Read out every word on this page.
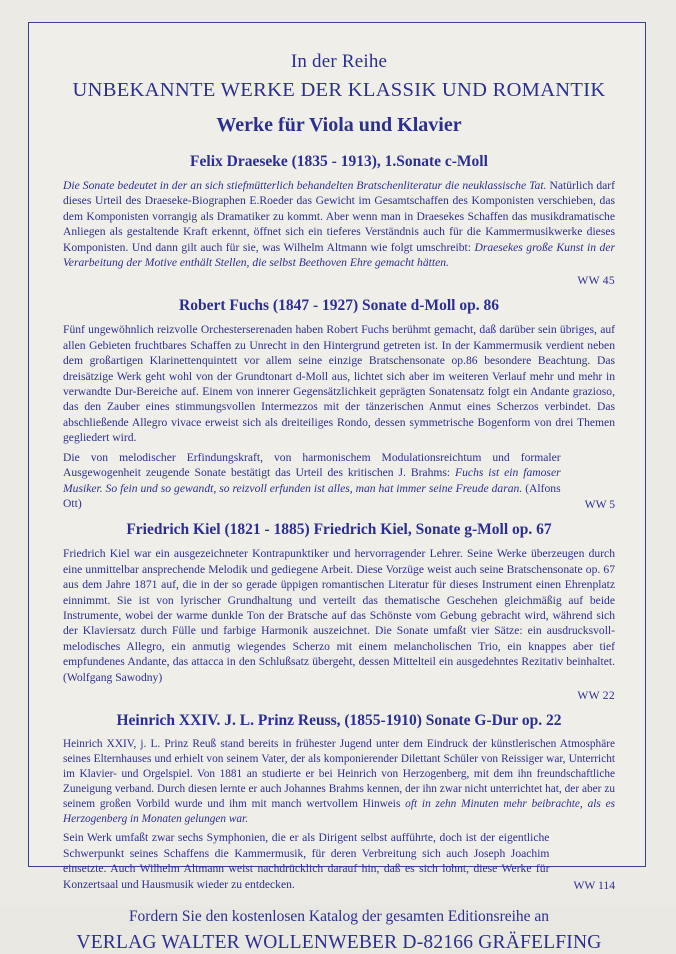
In der Reihe
UNBEKANNTE WERKE DER KLASSIK UND ROMANTIK
Werke für Viola und Klavier
Felix Draeseke (1835 - 1913), 1.Sonate c-Moll

Die Sonate bedeutet in der an sich stiefmütterlich behandelten Bratschenliteratur die neuklassische Tat. Natürlich darf dieses Urteil des Draeseke-Biographen E.Roeder das Gewicht im Gesamtschaffen des Komponisten verschieben, das dem Komponisten vorrangig als Dramatiker zu kommt. Aber wenn man in Draesekes Schaffen das musikdramatische Anliegen als gestaltende Kraft erkennt, öffnet sich ein tieferes Verständnis auch für die Kammermusikwerke dieses Komponisten. Und dann gilt auch für sie, was Wilhelm Altmann wie folgt umschreibt: Draesekes große Kunst in der Verarbeitung der Motive enthält Stellen, die selbst Beethoven Ehre gemacht hätten.

WW 45

Robert Fuchs (1847 - 1927) Sonate d-Moll op. 86

Fünf ungewöhnlich reizvolle Orchesterserenaden haben Robert Fuchs berühmt gemacht, daß darüber sein übriges, auf allen Gebieten fruchtbares Schaffen zu Unrecht in den Hintergrund getreten ist. In der Kammermusik verdient neben dem großartigen Klarinettenquintett vor allem seine einzige Bratschensonate op.86 besondere Beachtung. Das dreisätzige Werk geht wohl von der Grundtonart d-Moll aus, lichtet sich aber im weiteren Verlauf mehr und mehr in verwandte Dur-Bereiche auf. Einem von innerer Gegensätzlichkeit geprägten Sonatensatz folgt ein Andante grazioso, das den Zauber eines stimmungsvollen Intermezzos mit der tänzerischen Anmut eines Scherzos verbindet. Das abschließende Allegro vivace erweist sich als dreiteiliges Rondo, dessen symmetrische Bogenform von drei Themen gegliedert wird.

Die von melodischer Erfindungskraft, von harmonischem Modulationsreichtum und formaler Ausgewogenheit zeugende Sonate bestätigt das Urteil des kritischen J. Brahms: Fuchs ist ein famoser Musiker. So fein und so gewandt, so reizvoll erfunden ist alles, man hat immer seine Freude daran. (Alfons Ott)	WW 5
Friedrich Kiel (1821 - 1885) Friedrich Kiel, Sonate g-Moll op. 67

Friedrich Kiel war ein ausgezeichneter Kontrapunktiker und hervorragender Lehrer. Seine Werke überzeugen durch eine unmittelbar ansprechende Melodik und gediegene Arbeit. Diese Vorzüge weist auch seine Bratschensonate op. 67 aus dem Jahre 1871 auf, die in der so gerade üppigen romantischen Literatur für dieses Instrument einen Ehrenplatz einnimmt. Sie ist von lyrischer Grundhaltung und verteilt das thematische Geschehen gleichmäßig auf beide Instrumente, wobei der warme dunkle Ton der Bratsche auf das Schönste vom Gebung gebracht wird, während sich der Klaviersatz durch Fülle und farbige Harmonik auszeichnet. Die Sonate umfaßt vier Sätze: ein ausdrucksvoll-melodisches Allegro, ein anmutig wiegendes Scherzo mit einem melancholischen Trio, ein knappes aber tief empfundenes Andante, das attacca in den Schlußsatz übergeht, dessen Mittelteil ein ausgedehntes Rezitativ beinhaltet.(Wolfgang Sawodny)

WW 22

Heinrich XXIV. J. L. Prinz Reuss, (1855-1910) Sonate G-Dur op. 22

Heinrich XXIV, j. L. Prinz Reuß stand bereits in frühester Jugend unter dem Eindruck der künstlerischen Atmosphäre seines Elternhauses und erhielt von seinem Vater, der als komponierender Dilettant Schüler von Reissiger war, Unterricht im Klavier- und Orgelspiel. Von 1881 an studierte er bei Heinrich von Herzogenberg, mit dem ihn freundschaftliche Zuneigung verband. Durch diesen lernte er auch Johannes Brahms kennen, der ihn zwar nicht unterrichtet hat, der aber zu seinem großen Vorbild wurde und ihm mit manch wertvollem Hinweis oft in zehn Minuten mehr beibrachte, als es Herzogenberg in Monaten gelungen war.

Sein Werk umfaßt zwar sechs Symphonien, die er als Dirigent selbst aufführte, doch ist der eigentliche Schwerpunkt seines Schaffens die Kammermusik, für deren Verbreitung sich auch Joseph Joachim einsetzte. Auch Wilhelm Altmann weist nachdrücklich darauf hin, daß es sich lohnt, diese Werke für Konzertsaal und Hausmusik wieder zu entdecken.	WW 114
Fordern Sie den kostenlosen Katalog der gesamten Editionsreihe an
VERLAG WALTER WOLLENWEBER D-82166 GRÄFELFING
